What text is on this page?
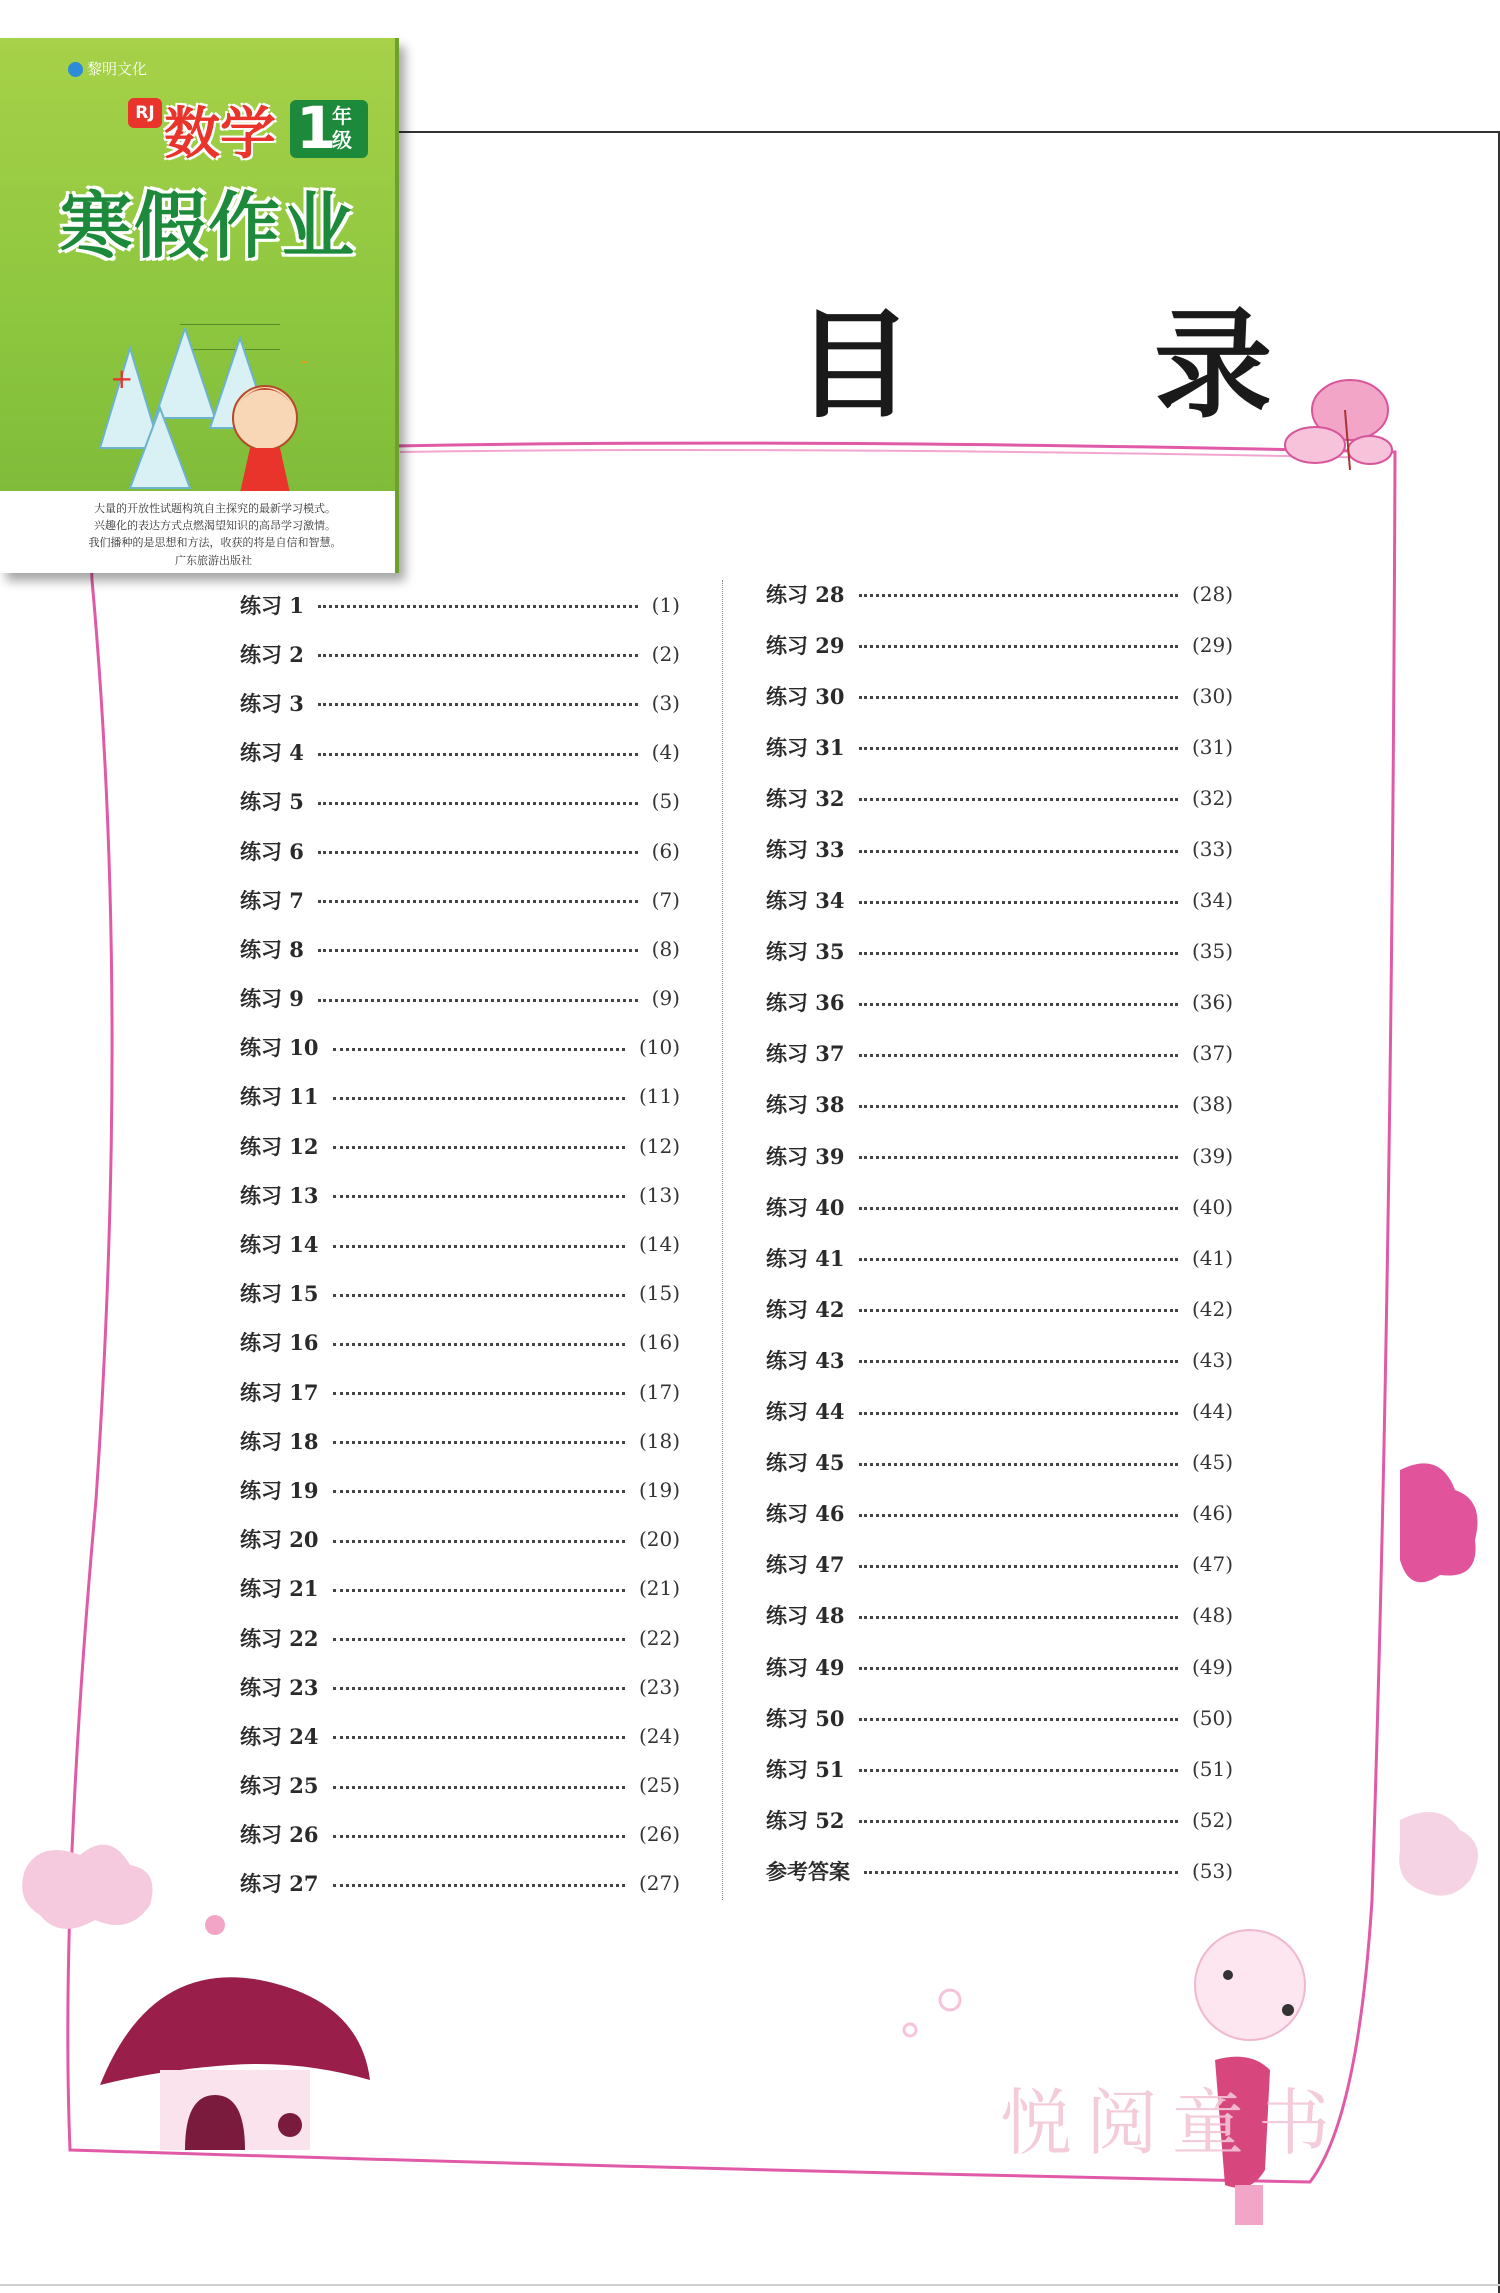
黎明文化
RJ 数学 1
年级
寒假作业
+
-
大量的开放性试题构筑自主探究的最新学习模式。
兴趣化的表达方式点燃渴望知识的高昂学习激情。
我们播种的是思想和方法，收获的将是自信和智慧。
广东旅游出版社
目 录
练习 1	(1)
练习 2	(2)
练习 3	(3)
练习 4	(4)
练习 5	(5)
练习 6	(6)
练习 7	(7)
练习 8	(8)
练习 9	(9)
练习 10	(10)
练习 11	(11)
练习 12	(12)
练习 13	(13)
练习 14	(14)
练习 15	(15)
练习 16	(16)
练习 17	(17)
练习 18	(18)
练习 19	(19)
练习 20	(20)
练习 21	(21)
练习 22	(22)
练习 23	(23)
练习 24	(24)
练习 25	(25)
练习 26	(26)
练习 27	(27)
练习 28	(28)
练习 29	(29)
练习 30	(30)
练习 31	(31)
练习 32	(32)
练习 33	(33)
练习 34	(34)
练习 35	(35)
练习 36	(36)
练习 37	(37)
练习 38	(38)
练习 39	(39)
练习 40	(40)
练习 41	(41)
练习 42	(42)
练习 43	(43)
练习 44	(44)
练习 45	(45)
练习 46	(46)
练习 47	(47)
练习 48	(48)
练习 49	(49)
练习 50	(50)
练习 51	(51)
练习 52	(52)
参考答案	(53)
悦阅童书
